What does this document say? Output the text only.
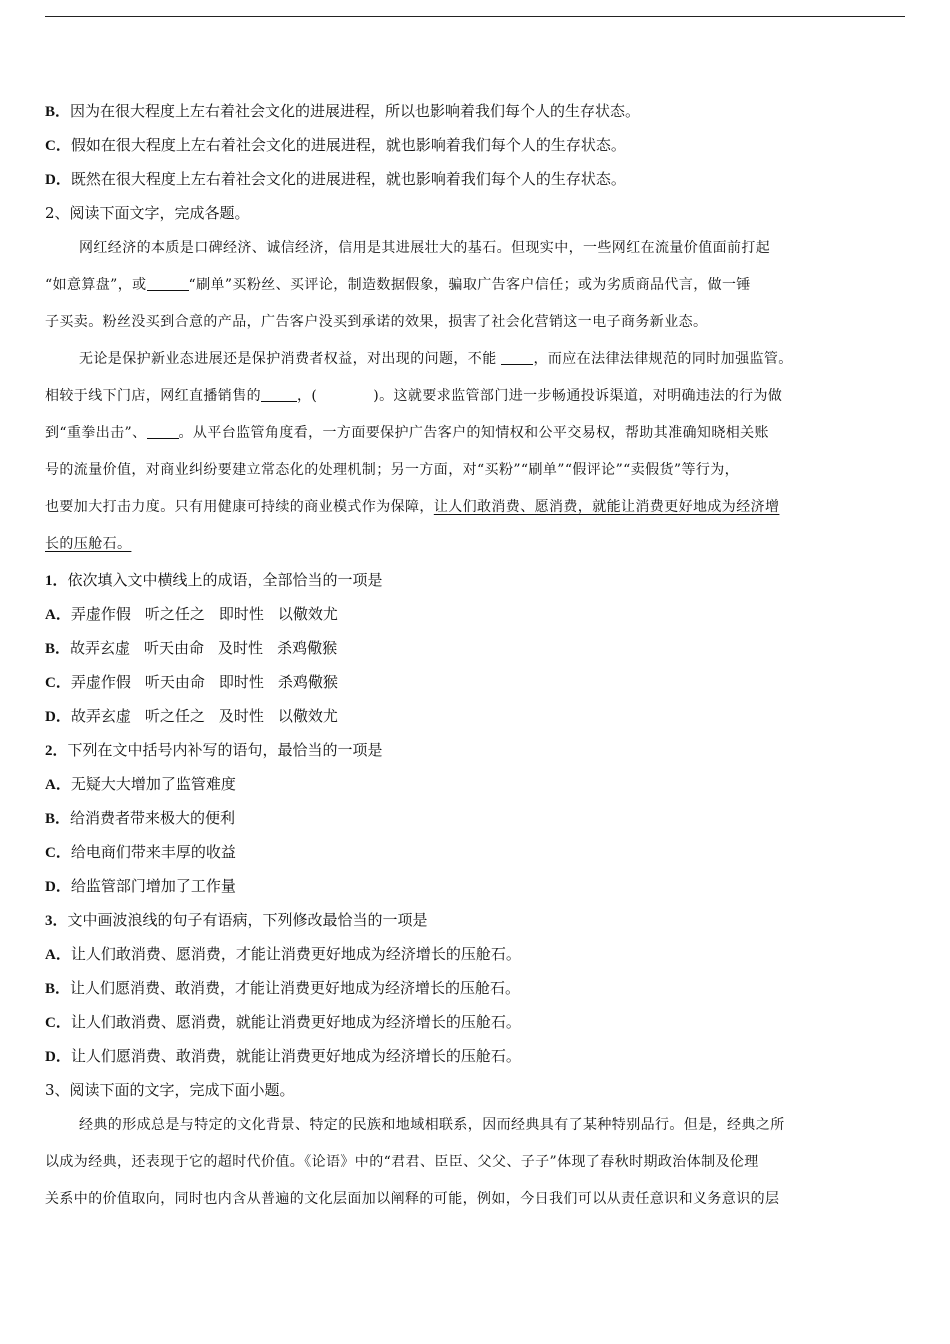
B．因为在很大程度上左右着社会文化的进展进程，所以也影响着我们每个人的生存状态。
C．假如在很大程度上左右着社会文化的进展进程，就也影响着我们每个人的生存状态。
D．既然在很大程度上左右着社会文化的进展进程，就也影响着我们每个人的生存状态。
2、阅读下面文字，完成各题。
网红经济的本质是口碑经济、诚信经济，信用是其进展壮大的基石。但现实中，一些网红在流量价值面前打起
“如意算盘”，或	“刷单”买粉丝、买评论，制造数据假象，骗取广告客户信任；或为劣质商品代言，做一锤
子买卖。粉丝没买到合意的产品，广告客户没买到承诺的效果，损害了社会化营销这一电子商务新业态。
无论是保护新业态进展还是保护消费者权益，对出现的问题，不能	，而应在法律法律规范的同时加强监管。
相较于线下门店，网红直播销售的	，(	)。这就要求监管部门进一步畅通投诉渠道，对明确违法的行为做
到“重拳出击”、 。从平台监管角度看，一方面要保护广告客户的知情权和公平交易权，帮助其准确知晓相关账
号的流量价值，对商业纠纷要建立常态化的处理机制；另一方面，对“买粉”“刷单”“假评论”“卖假货”等行为，
也要加大打击力度。只有用健康可持续的商业模式作为保障，让人们敢消费、愿消费，就能让消费更好地成为经济增
长的压舱石。
1．依次填入文中横线上的成语，全部恰当的一项是
A．弄虚作假 听之任之 即时性 以儆效尤
B．故弄玄虚 听天由命 及时性 杀鸡儆猴
C．弄虚作假 听天由命 即时性 杀鸡儆猴
D．故弄玄虚 听之任之 及时性 以儆效尤
2．下列在文中括号内补写的语句，最恰当的一项是
A．无疑大大增加了监管难度
B．给消费者带来极大的便利
C．给电商们带来丰厚的收益
D．给监管部门增加了工作量
3．文中画波浪线的句子有语病，下列修改最恰当的一项是
A．让人们敢消费、愿消费，才能让消费更好地成为经济增长的压舱石。
B．让人们愿消费、敢消费，才能让消费更好地成为经济增长的压舱石。
C．让人们敢消费、愿消费，就能让消费更好地成为经济增长的压舱石。
D．让人们愿消费、敢消费，就能让消费更好地成为经济增长的压舱石。
3、阅读下面的文字，完成下面小题。
经典的形成总是与特定的文化背景、特定的民族和地域相联系，因而经典具有了某种特别品行。但是，经典之所
以成为经典，还表现于它的超时代价值。《论语》中的“君君、臣臣、父父、子子”体现了春秋时期政治体制及伦理
关系中的价值取向，同时也内含从普遍的文化层面加以阐释的可能，例如，今日我们可以从责任意识和义务意识的层
